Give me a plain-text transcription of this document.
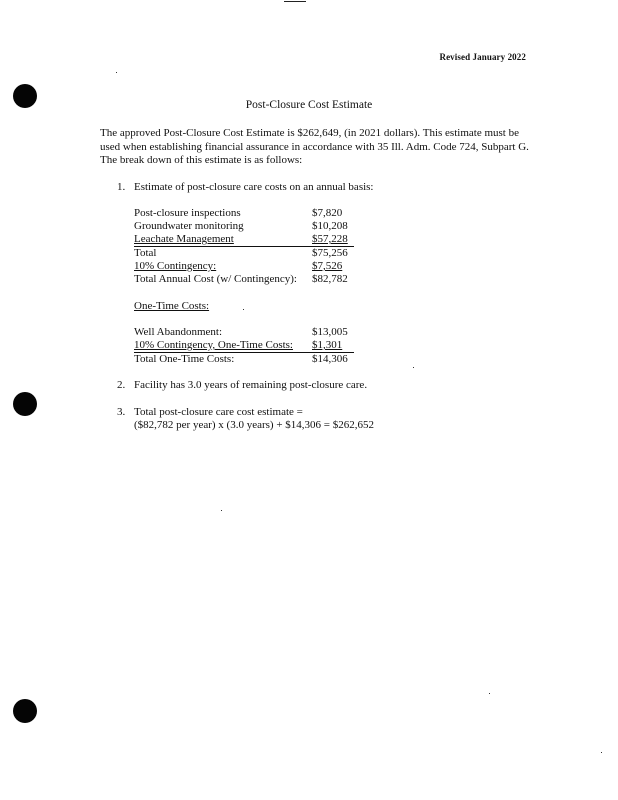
Revised January 2022
Post-Closure Cost Estimate
The approved Post-Closure Cost Estimate is $262,649, (in 2021 dollars). This estimate must be used when establishing financial assurance in accordance with 35 Ill. Adm. Code 724, Subpart G. The break down of this estimate is as follows:
1. Estimate of post-closure care costs on an annual basis:
Post-closure inspections	$7,820
Groundwater monitoring	$10,208
Leachate Management	$57,228
Total	$75,256
10% Contingency:	$7,526
Total Annual Cost (w/ Contingency): $82,782
One-Time Costs:
Well Abandonment:	$13,005
10% Contingency, One-Time Costs: $1,301
Total One-Time Costs:	$14,306
2. Facility has 3.0 years of remaining post-closure care.
3. Total post-closure care cost estimate =
($82,782 per year) x (3.0 years) + $14,306 = $262,652
